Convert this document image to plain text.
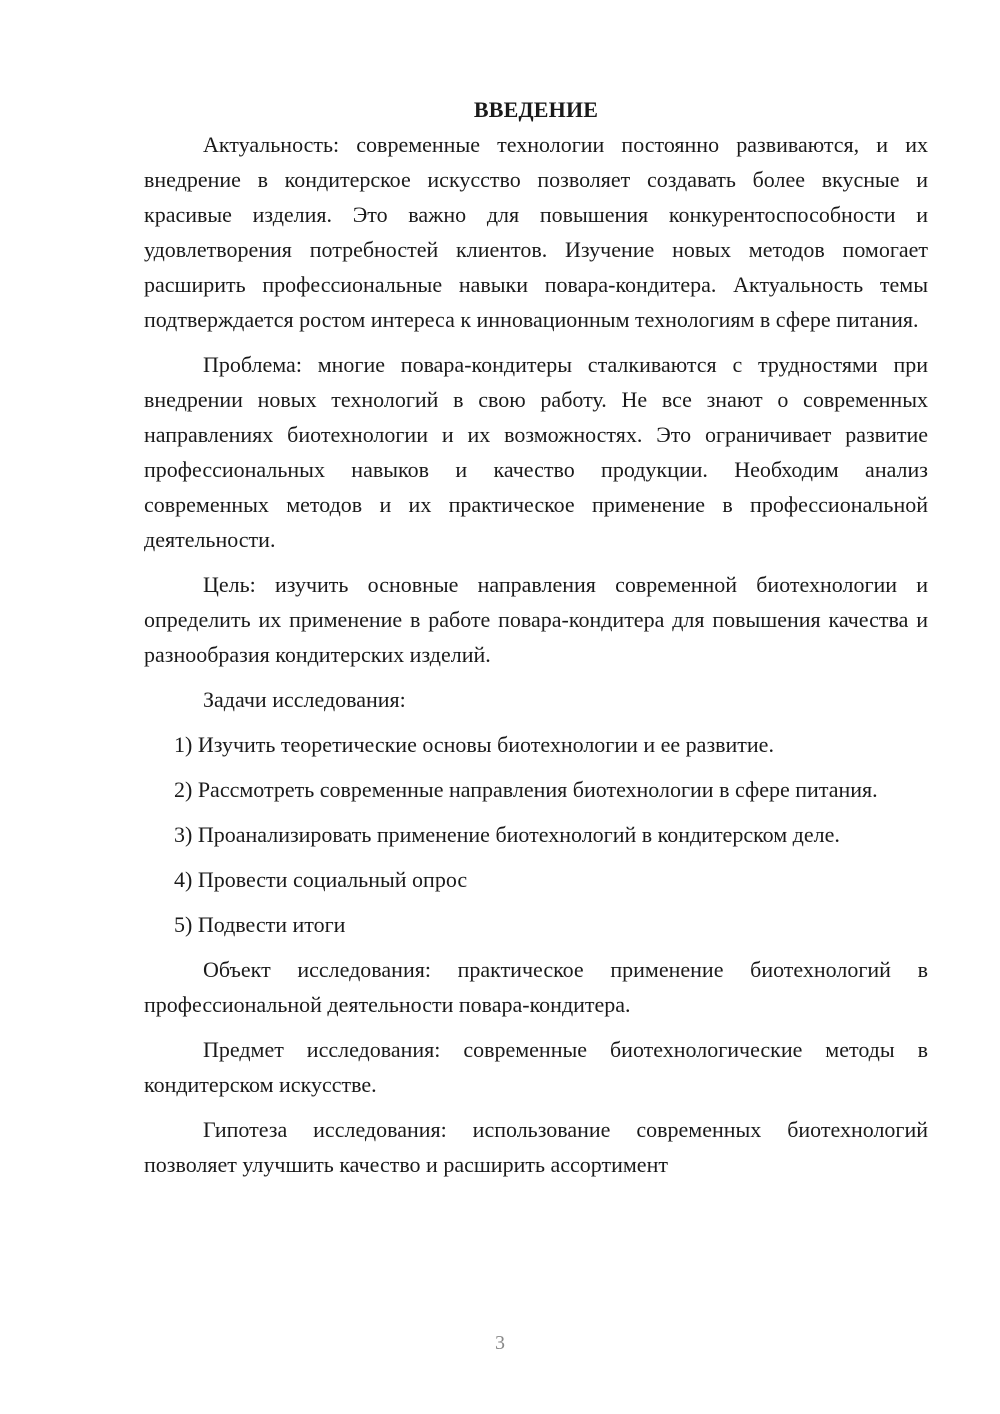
ВВЕДЕНИЕ

Актуальность: современные технологии постоянно развиваются, и их внедрение в кондитерское искусство позволяет создавать более вкусные и красивые изделия. Это важно для повышения конкурентоспособности и удовлетворения потребностей клиентов. Изучение новых методов помогает расширить профессиональные навыки повара-кондитера. Актуальность темы подтверждается ростом интереса к инновационным технологиям в сфере питания.

Проблема: многие повара-кондитеры сталкиваются с трудностями при внедрении новых технологий в свою работу. Не все знают о современных направлениях биотехнологии и их возможностях. Это ограничивает развитие профессиональных навыков и качество продукции. Необходим анализ современных методов и их практическое применение в профессиональной деятельности.

Цель: изучить основные направления современной биотехнологии и определить их применение в работе повара-кондитера для повышения качества и разнообразия кондитерских изделий.

Задачи исследования:

1) Изучить теоретические основы биотехнологии и ее развитие.

2) Рассмотреть современные направления биотехнологии в сфере питания.

3) Проанализировать применение биотехнологий в кондитерском деле.

4) Провести социальный опрос

5) Подвести итоги

Объект исследования: практическое применение биотехнологий в профессиональной деятельности повара-кондитера.

Предмет исследования: современные биотехнологические методы в кондитерском искусстве.

Гипотеза исследования: использование современных биотехнологий позволяет улучшить качество и расширить ассортимент

3
